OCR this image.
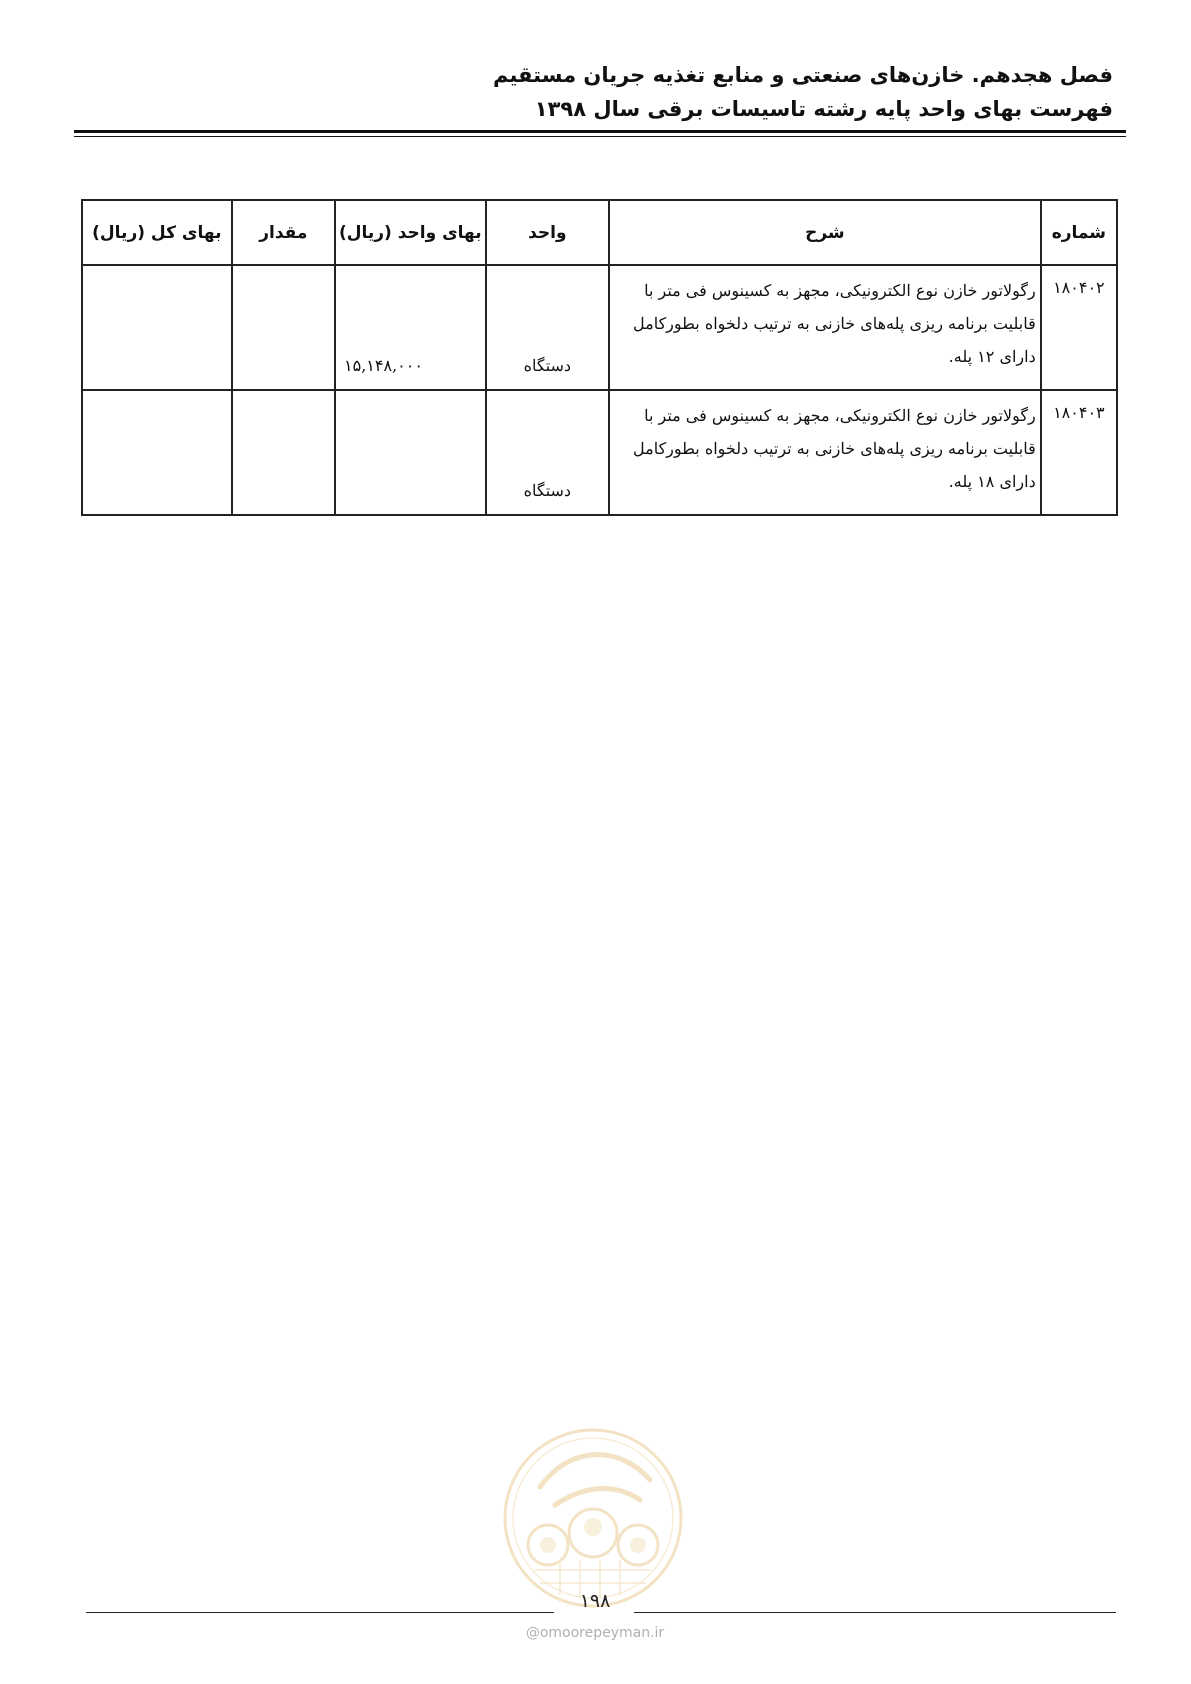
فصل هجدهم. خازن‌های صنعتی و منابع تغذیه جریان مستقیم
فهرست بهای واحد پایه رشته تاسیسات برقی سال ۱۳۹۸
شماره	شرح	واحد	بهای واحد (ریال)	مقدار	بهای کل (ریال)
۱۸۰۴۰۲	رگولاتور خازن نوع الکترونیکی، مجهز به کسینوس فی متر با قابلیت برنامه ریزی پله‌های خازنی به ترتیب دلخواه بطورکامل دارای ۱۲ پله.	دستگاه	۱۵,۱۴۸,۰۰۰		
۱۸۰۴۰۳	رگولاتور خازن نوع الکترونیکی، مجهز به کسینوس فی متر با قابلیت برنامه ریزی پله‌های خازنی به ترتیب دلخواه بطورکامل دارای ۱۸ پله.	دستگاه			
۱۹۸
@omoorepeyman.ir
